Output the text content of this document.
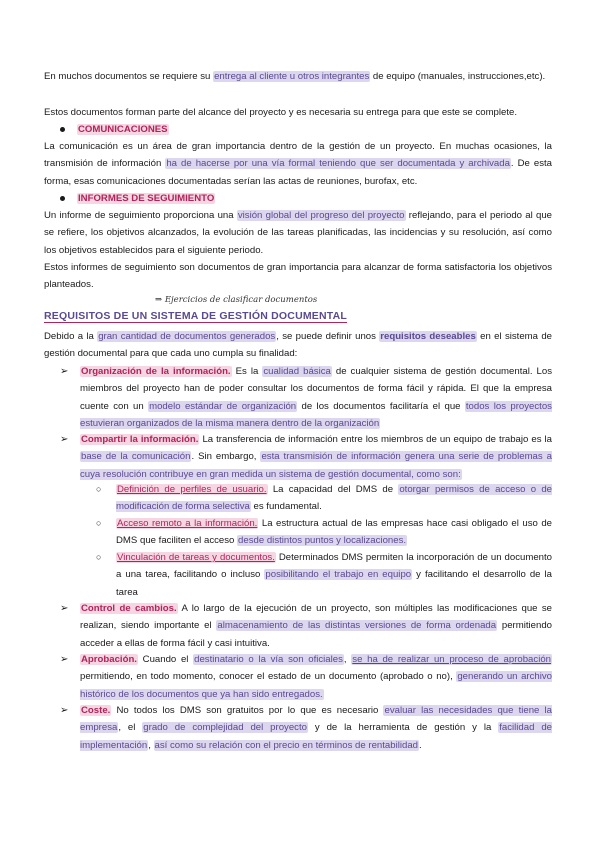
En muchos documentos se requiere su entrega al cliente u otros integrantes de equipo (manuales, instrucciones,etc).
Estos documentos forman parte del alcance del proyecto y es necesaria su entrega para que este se complete.
COMUNICACIONES
La comunicación es un área de gran importancia dentro de la gestión de un proyecto. En muchas ocasiones, la transmisión de información ha de hacerse por una vía formal teniendo que ser documentada y archivada. De esta forma, esas comunicaciones documentadas serían las actas de reuniones, burofax, etc.
INFORMES DE SEGUIMIENTO
Un informe de seguimiento proporciona una visión global del progreso del proyecto reflejando, para el periodo al que se refiere, los objetivos alcanzados, la evolución de las tareas planificadas, las incidencias y su resolución, así como los objetivos establecidos para el siguiente periodo.
Estos informes de seguimiento son documentos de gran importancia para alcanzar de forma satisfactoria los objetivos planteados.
⇒ Ejercicios de clasificar documentos
REQUISITOS DE UN SISTEMA DE GESTIÓN DOCUMENTAL
Debido a la gran cantidad de documentos generados, se puede definir unos requisitos deseables en el sistema de gestión documental para que cada uno cumpla su finalidad:
➢	Organización de la información. Es la cualidad básica de cualquier sistema de gestión documental. Los miembros del proyecto han de poder consultar los documentos de forma fácil y rápida. El que la empresa cuente con un modelo estándar de organización de los documentos facilitaría el que todos los proyectos estuvieran organizados de la misma manera dentro de la organización
➢	Compartir la información. La transferencia de información entre los miembros de un equipo de trabajo es la base de la comunicación. Sin embargo, esta transmisión de información genera una serie de problemas a cuya resolución contribuye en gran medida un sistema de gestión documental, como son:
○	Definición de perfiles de usuario. La capacidad del DMS de otorgar permisos de acceso o de modificación de forma selectiva es fundamental.
○	Acceso remoto a la información. La estructura actual de las empresas hace casi obligado el uso de DMS que faciliten el acceso desde distintos puntos y localizaciones.
○	Vinculación de tareas y documentos. Determinados DMS permiten la incorporación de un documento a una tarea, facilitando o incluso posibilitando el trabajo en equipo y facilitando el desarrollo de la tarea
➢	Control de cambios. A lo largo de la ejecución de un proyecto, son múltiples las modificaciones que se realizan, siendo importante el almacenamiento de las distintas versiones de forma ordenada permitiendo acceder a ellas de forma fácil y casi intuitiva.
➢	Aprobación. Cuando el destinatario o la vía son oficiales, se ha de realizar un proceso de aprobación permitiendo, en todo momento, conocer el estado de un documento (aprobado o no), generando un archivo histórico de los documentos que ya han sido entregados.
➢	Coste. No todos los DMS son gratuitos por lo que es necesario evaluar las necesidades que tiene la empresa, el grado de complejidad del proyecto y de la herramienta de gestión y la facilidad de implementación, así como su relación con el precio en términos de rentabilidad.
